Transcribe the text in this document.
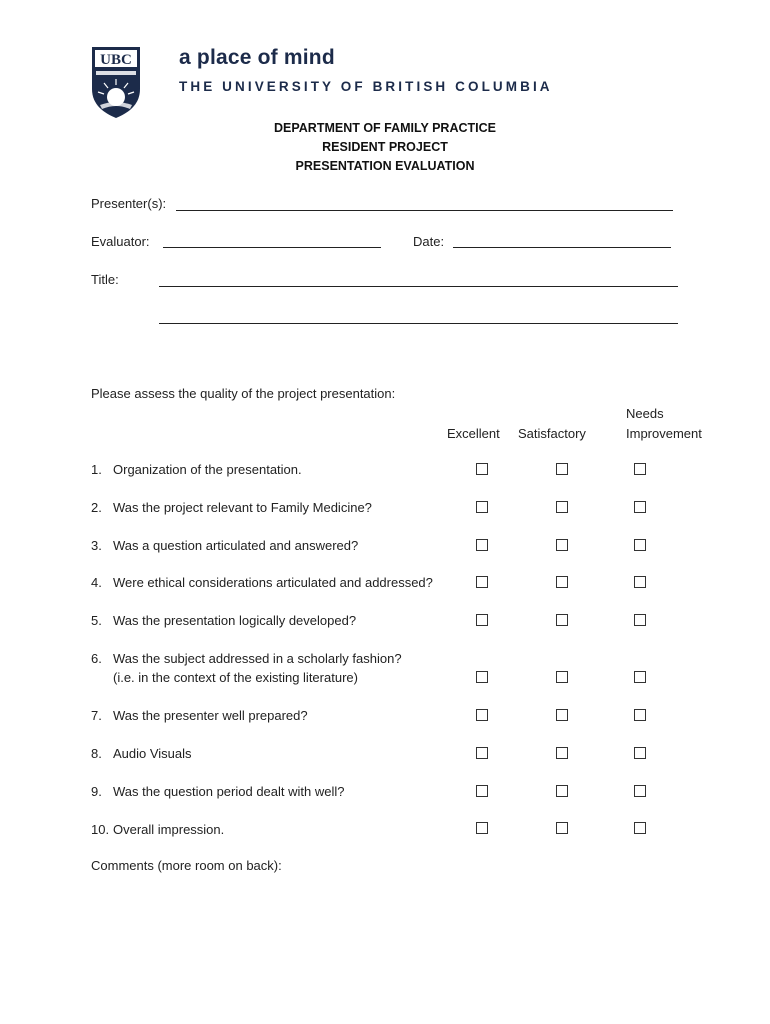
UBC a place of mind
THE UNIVERSITY OF BRITISH COLUMBIA
DEPARTMENT OF FAMILY PRACTICE
RESIDENT PROJECT
PRESENTATION EVALUATION
Presenter(s):
Evaluator:	Date:
Title:
Please assess the quality of the project presentation:
Excellent Satisfactory
Needs
Improvement
1. Organization of the presentation.
2. Was the project relevant to Family Medicine?
3. Was a question articulated and answered?
4. Were ethical considerations articulated and addressed?
5. Was the presentation logically developed?
6. Was the subject addressed in a scholarly fashion?
(i.e. in the context of the existing literature)
7. Was the presenter well prepared?
8. Audio Visuals
9. Was the question period dealt with well?
10. Overall impression.
Comments (more room on back):
